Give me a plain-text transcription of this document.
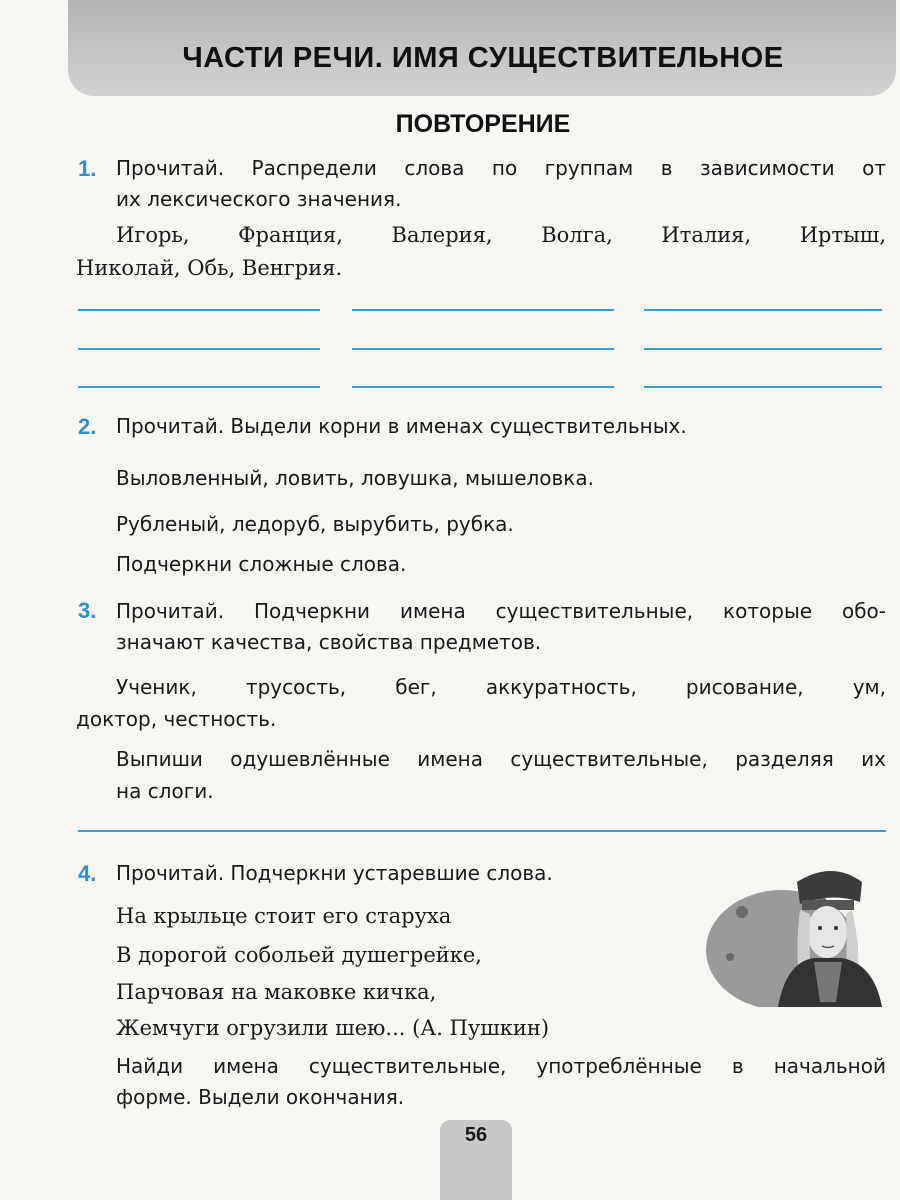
ЧАСТИ РЕЧИ. ИМЯ СУЩЕСТВИТЕЛЬНОЕ
ПОВТОРЕНИЕ
1. Прочитай. Распредели слова по группам в зависимости от
их лексического значения.
Игорь, Франция, Валерия, Волга, Италия, Иртыш,
Николай, Обь, Венгрия.
2. Прочитай. Выдели корни в именах существительных.
Выловленный, ловить, ловушка, мышеловка.
Рубленый, ледоруб, вырубить, рубка.
Подчеркни сложные слова.
3. Прочитай. Подчеркни имена существительные, которые обо-
значают качества, свойства предметов.
Ученик, трусость, бег, аккуратность, рисование, ум,
доктор, честность.
Выпиши одушевлённые имена существительные, разделяя их
на слоги.
4. Прочитай. Подчеркни устаревшие слова.
На крыльце стоит его старуха
В дорогой собольей душегрейке,
Парчовая на маковке кичка,
Жемчуги огрузили шею... (А. Пушкин)
Найди имена существительные, употреблённые в начальной
форме. Выдели окончания.
56
